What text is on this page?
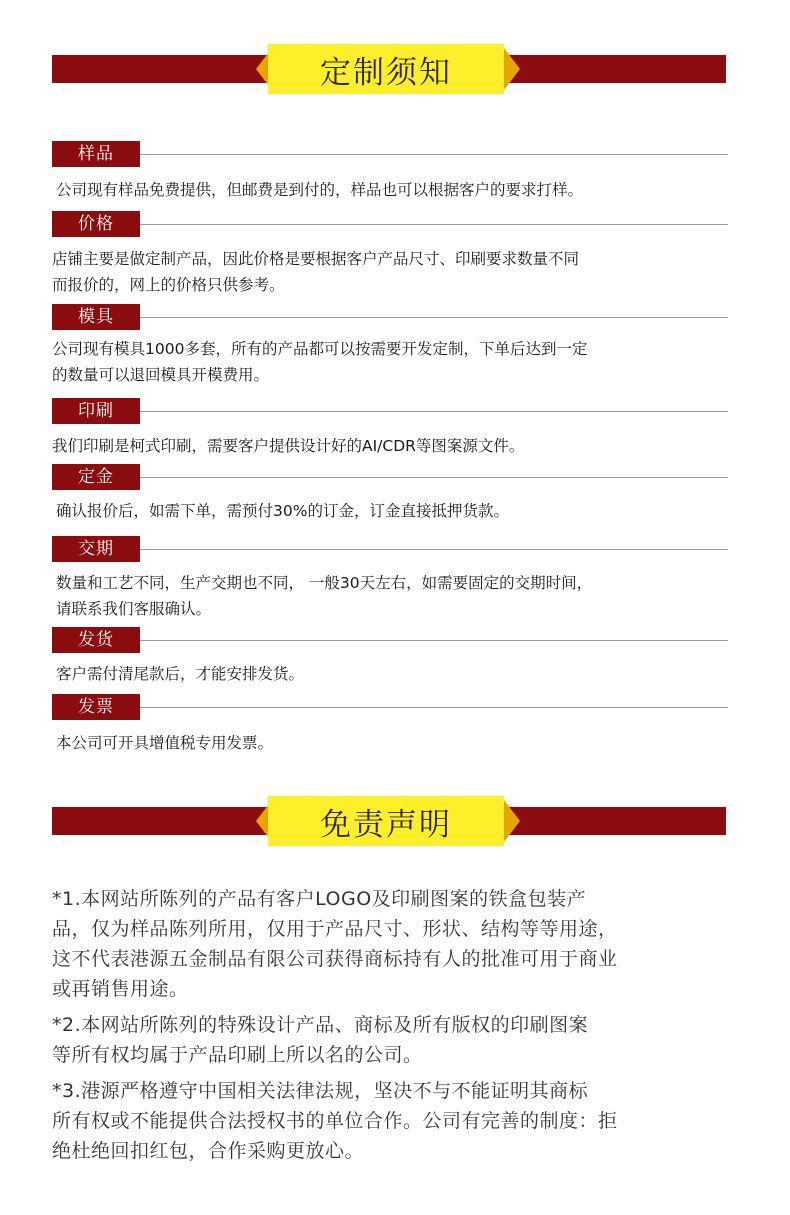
定制须知
样品
公司现有样品免费提供，但邮费是到付的，样品也可以根据客户的要求打样。
价格
店铺主要是做定制产品，因此价格是要根据客户产品尺寸、印刷要求数量不同
而报价的，网上的价格只供参考。
模具
公司现有模具1000多套，所有的产品都可以按需要开发定制，下单后达到一定
的数量可以退回模具开模费用。
印刷
我们印刷是柯式印刷，需要客户提供设计好的AI/CDR等图案源文件。
定金
确认报价后，如需下单，需预付30%的订金，订金直接抵押货款。
交期
数量和工艺不同，生产交期也不同， 一般30天左右，如需要固定的交期时间，
请联系我们客服确认。
发货
客户需付清尾款后，才能安排发货。
发票
本公司可开具增值税专用发票。
免责声明
*1.本网站所陈列的产品有客户LOGO及印刷图案的铁盒包装产
品，仅为样品陈列所用，仅用于产品尺寸、形状、结构等等用途，
这不代表港源五金制品有限公司获得商标持有人的批准可用于商业
或再销售用途。
*2.本网站所陈列的特殊设计产品、商标及所有版权的印刷图案
等所有权均属于产品印刷上所以名的公司。
*3.港源严格遵守中国相关法律法规，坚决不与不能证明其商标
所有权或不能提供合法授权书的单位合作。公司有完善的制度：拒
绝杜绝回扣红包，合作采购更放心。
